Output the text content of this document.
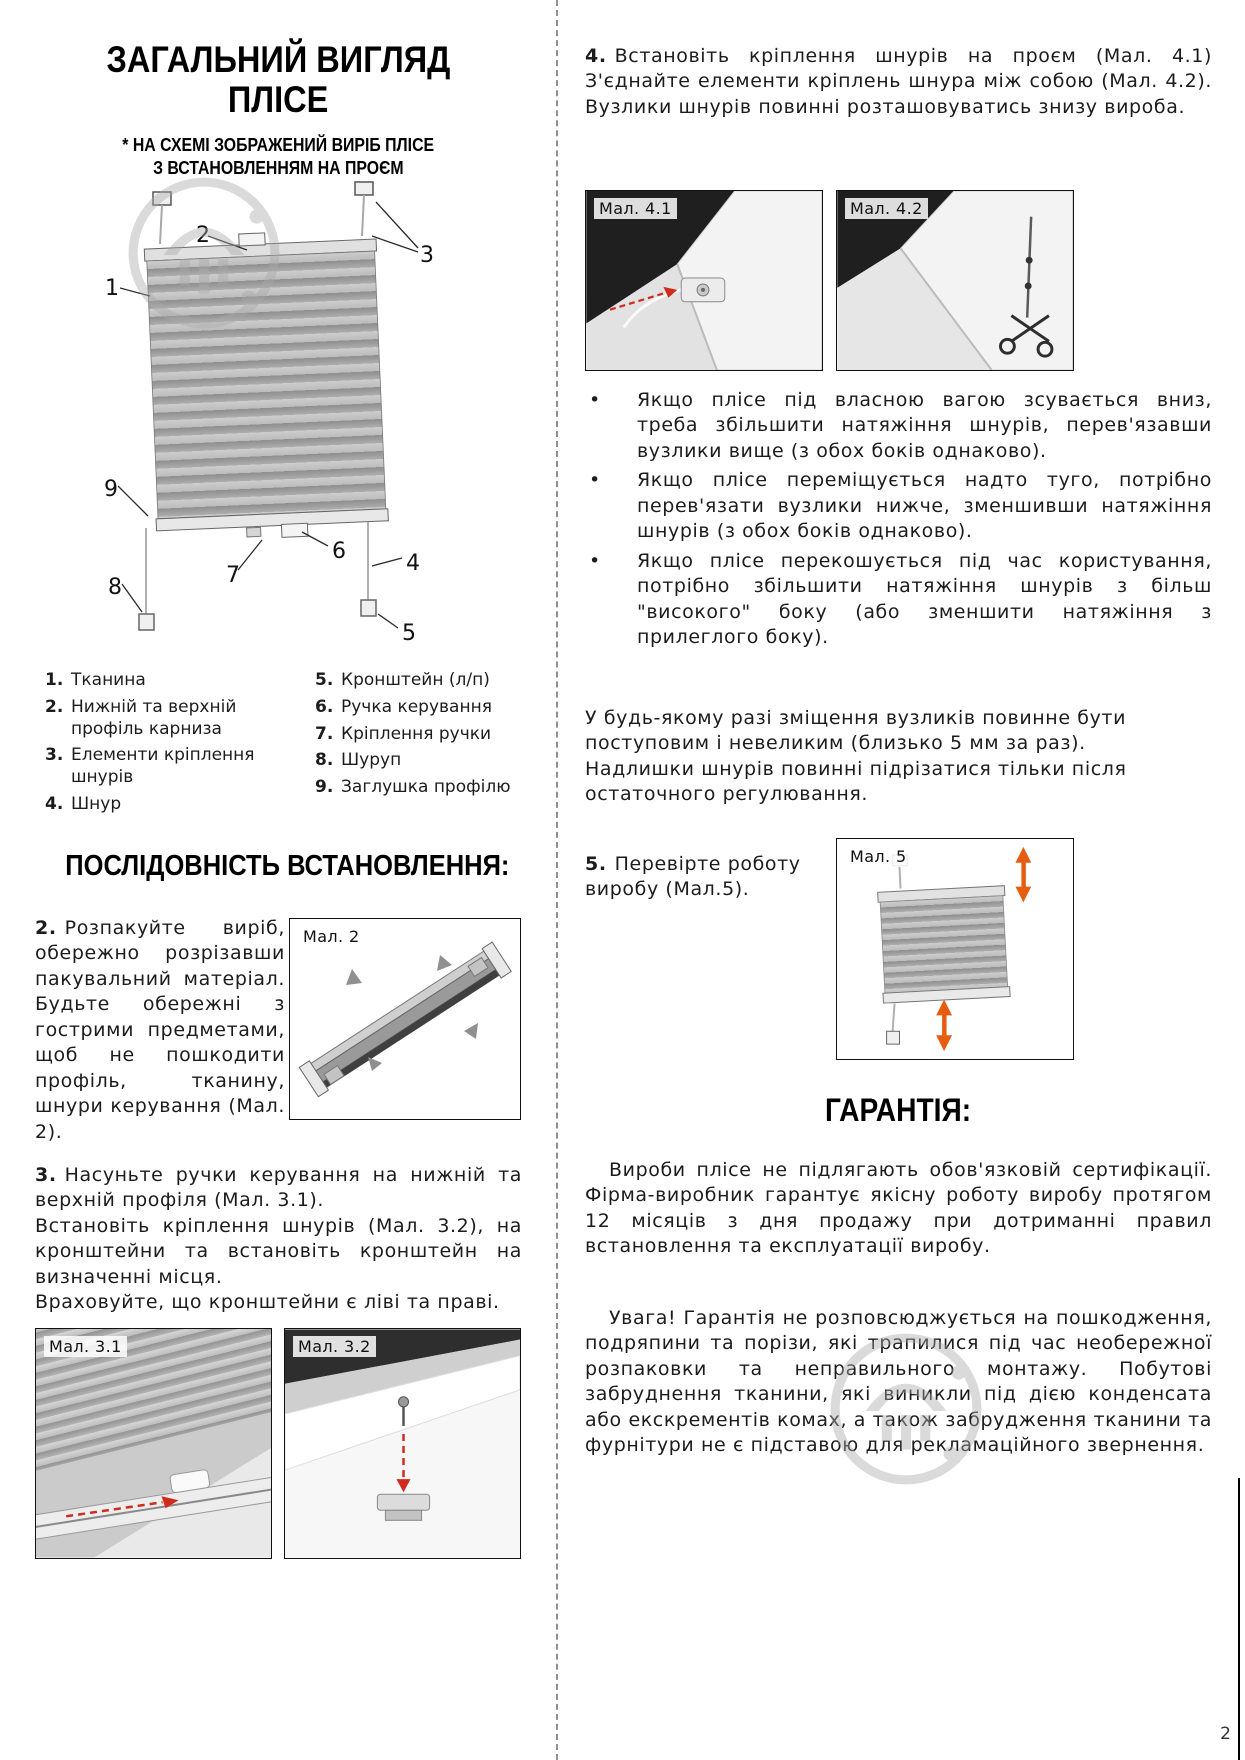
ЗАГАЛЬНИЙ ВИГЛЯД
ПЛІСЕ
* НА СХЕМІ ЗОБРАЖЕНИЙ ВИРІБ ПЛІСЕ
З ВСТАНОВЛЕННЯМ НА ПРОЄМ
1
2
3
4
5
6
7
8
9
1. Тканина
2. Нижній та верхній профіль карниза
3. Елементи кріплення шнурів
4. Шнур
5. Кронштейн (л/п)
6. Ручка керування
7. Кріплення ручки
8. Шуруп
9. Заглушка профілю
ПОСЛІДОВНІСТЬ ВСТАНОВЛЕННЯ:

2. Розпакуйте виріб, обережно розрізавши пакувальний матеріал. Будьте обережні з гострими предметами, щоб не пошкодити профіль, тканину, шнури керування (Мал. 2).

Мал. 2

3. Насуньте ручки керування на нижній та верхній профіля (Мал. 3.1).

Встановіть кріплення шнурів (Мал. 3.2), на кронштейни та встановіть кронштейн на визначенні місця.

Враховуйте, що кронштейни є ліві та праві.

Мал. 3.1	Мал. 3.2

4. Встановіть кріплення шнурів на проєм (Мал. 4.1) З'єднайте елементи кріплень шнура між собою (Мал. 4.2). Вузлики шнурів повинні розташовуватись знизу вироба.

Мал. 4.1	Мал. 4.2
• Якщо плісе під власною вагою зсувається вниз, треба збільшити натяжіння шнурів, перев'язавши вузлики вище (з обох боків однаково).
• Якщо плісе переміщується надто туго, потрібно перев'язати вузлики нижче, зменшивши натяжіння шнурів (з обох боків однаково).
• Якщо плісе перекошується під час користування, потрібно збільшити натяжіння шнурів з більш "високого" боку (або зменшити натяжіння з прилеглого боку).

У будь-якому разі зміщення вузликів повинне бути поступовим і невеликим (близько 5 мм за раз).

Надлишки шнурів повинні підрізатися тільки після остаточного регулювання.

5. Перевірте роботу виробу (Мал.5).

Мал. 5
ГАРАНТІЯ:

Вироби плісе не підлягають обов'язковій сертифікації. Фірма-виробник гарантує якісну роботу виробу протягом 12 місяців з дня продажу при дотриманні правил встановлення та експлуатації виробу.

Увага! Гарантія не розповсюджується на пошкодження, подряпини та порізи, які трапилися під час необережної розпаковки та неправильного монтажу. Побутові забруднення тканини, які виникли під дією конденсата або екскрементів комах, а також забрудження тканини та фурнітури не є підставою для рекламаційного звернення.

2
